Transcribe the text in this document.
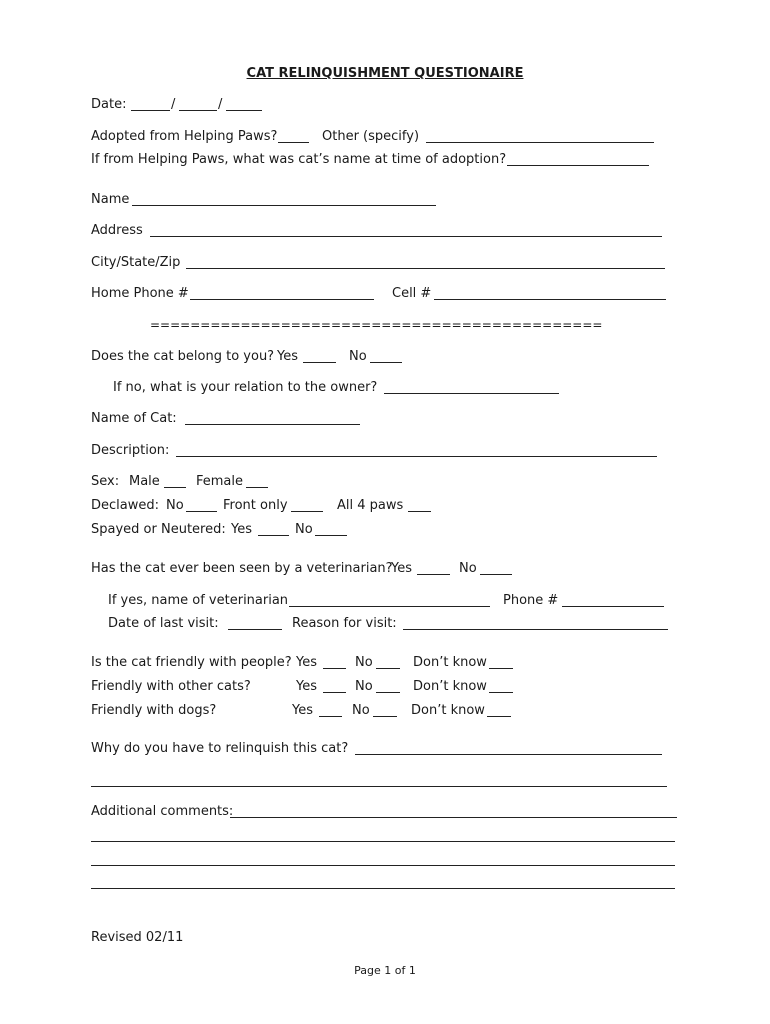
CAT RELINQUISHMENT QUESTIONAIRE
Date:	/	/
Adopted from Helping Paws?	Other (specify)
If from Helping Paws, what was cat’s name at time of adoption?
Name
Address
City/State/Zip
Home Phone #	Cell #
=============================================
Does the cat belong to you? Yes	No
If no, what is your relation to the owner?
Name of Cat:
Description:
Sex: Male	Female
Declawed: No	Front only	All 4 paws
Spayed or Neutered: Yes	No
Has the cat ever been seen by a veterinarian?
Yes	No
If yes, name of veterinarian	Phone #
Date of last visit:	Reason for visit:
Is the cat friendly with people? Yes	No	Don’t know
Friendly with other cats?	Yes	No	Don’t know
Friendly with dogs?	Yes	No	Don’t know
Why do you have to relinquish this cat?
Additional comments:
Revised 02/11
Page 1 of 1
